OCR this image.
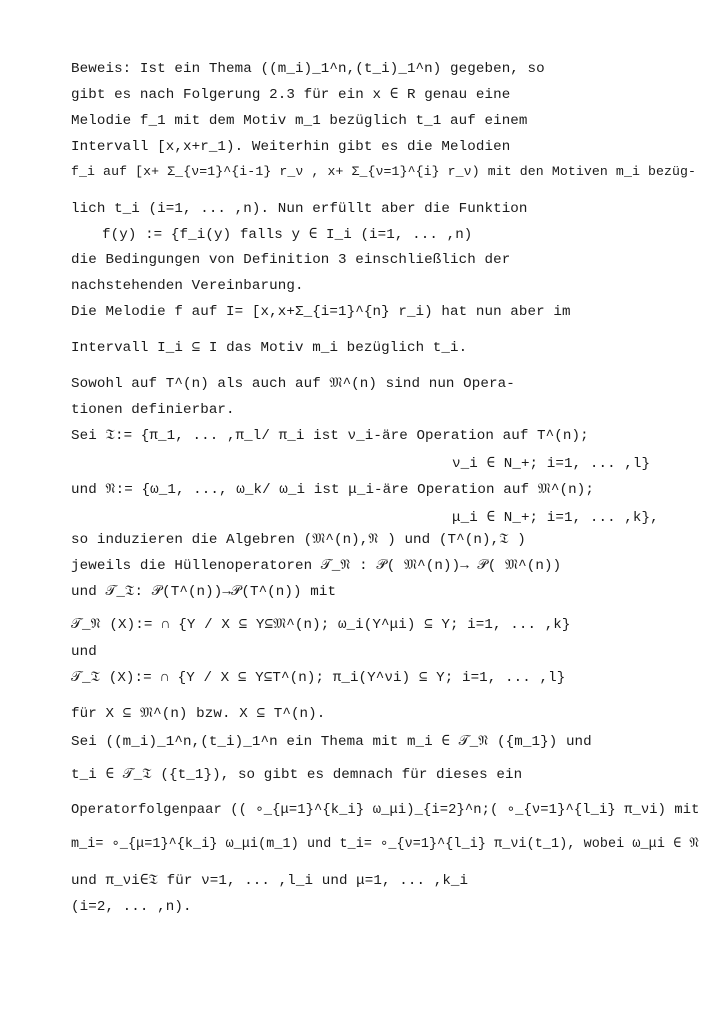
Beweis: Ist ein Thema ((m_i)_1^n,(t_i)_1^n) gegeben, so
gibt es nach Folgerung 2.3 für ein x ∈ R genau eine
Melodie f_1 mit dem Motiv m_1 bezüglich t_1 auf einem
Intervall [x,x+r_1). Weiterhin gibt es die Melodien
f_i auf [x+ Σ_{ν=1}^{i-1} r_ν , x+ Σ_{ν=1}^{i} r_ν) mit den Motiven m_i bezüg-
lich t_i (i=1, ... ,n). Nun erfüllt aber die Funktion
f(y) := {f_i(y) falls y ∈ I_i (i=1, ... ,n)
die Bedingungen von Definition 3 einschließlich der
nachstehenden Vereinbarung.
Die Melodie f auf I= [x,x+Σ_{i=1}^{n} r_i) hat nun aber im
Intervall I_i ⊆ I das Motiv m_i bezüglich t_i.
Sowohl auf T^(n) als auch auf 𝔐^(n) sind nun Opera-
tionen definierbar.
Sei 𝔗:= {π_1, ... ,π_l/ π_i ist ν_i-äre Operation auf T^(n);
ν_i ∈ N_+; i=1, ... ,l}
und 𝔑:= {ω_1, ..., ω_k/ ω_i ist μ_i-äre Operation auf 𝔐^(n);
μ_i ∈ N_+; i=1, ... ,k},
so induzieren die Algebren (𝔐^(n),𝔑 ) und (T^(n),𝔗 )
jeweils die Hüllenoperatoren 𝒯_𝔑 : 𝒫( 𝔐^(n))→ 𝒫( 𝔐^(n))
und 𝒯_𝔗: 𝒫(T^(n))→𝒫(T^(n)) mit
𝒯_𝔑 (X):= ∩ {Y / X ⊆ Y⊆𝔐^(n); ω_i(Y^μi) ⊆ Y; i=1, ... ,k}
und
𝒯_𝔗 (X):= ∩ {Y / X ⊆ Y⊆T^(n); π_i(Y^νi) ⊆ Y; i=1, ... ,l}
für X ⊆ 𝔐^(n) bzw. X ⊆ T^(n).
Sei ((m_i)_1^n,(t_i)_1^n ein Thema mit m_i ∈ 𝒯_𝔑 ({m_1}) und
t_i ∈ 𝒯_𝔗 ({t_1}), so gibt es demnach für dieses ein
Operatorfolgenpaar (( ∘_{μ=1}^{k_i} ω_μi)_{i=2}^n;( ∘_{ν=1}^{l_i} π_νi) mit
m_i= ∘_{μ=1}^{k_i} ω_μi(m_1) und t_i= ∘_{ν=1}^{l_i} π_νi(t_1), wobei ω_μi ∈ 𝔑
und π_νi∈𝔗 für ν=1, ... ,l_i und μ=1, ... ,k_i
(i=2, ... ,n).
